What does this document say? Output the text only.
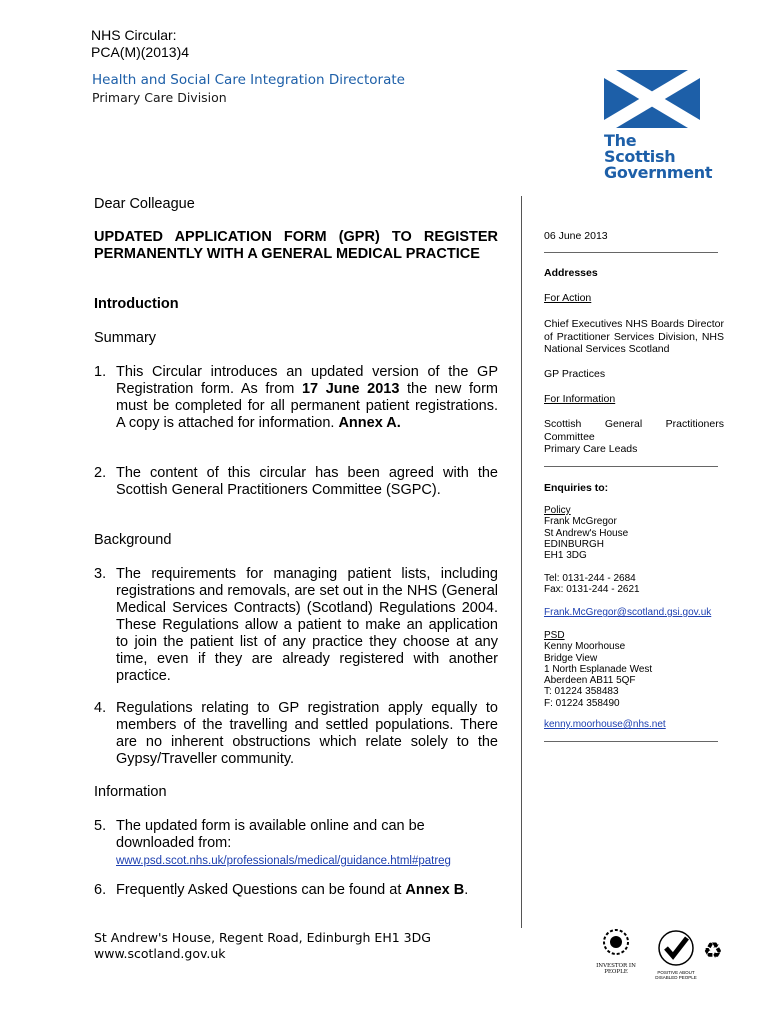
NHS Circular:
PCA(M)(2013)4
Health and Social Care Integration Directorate
Primary Care Division
The Scottish
Government
Dear Colleague
UPDATED APPLICATION FORM (GPR) TO REGISTER PERMANENTLY WITH A GENERAL MEDICAL PRACTICE
Introduction
Summary
1. This Circular introduces an updated version of the GP Registration form. As from 17 June 2013 the new form must be completed for all permanent patient registrations. A copy is attached for information. Annex A.
2. The content of this circular has been agreed with the Scottish General Practitioners Committee (SGPC).
Background
3. The requirements for managing patient lists, including registrations and removals, are set out in the NHS (General Medical Services Contracts) (Scotland) Regulations 2004. These Regulations allow a patient to make an application to join the patient list of any practice they choose at any time, even if they are already registered with another practice.
4. Regulations relating to GP registration apply equally to members of the travelling and settled populations. There are no inherent obstructions which relate solely to the Gypsy/Traveller community.
Information
5. The updated form is available online and can be downloaded from:
www.psd.scot.nhs.uk/professionals/medical/guidance.html#patreg
6. Frequently Asked Questions can be found at Annex B.
06 June 2013
Addresses
For Action
Chief Executives NHS Boards Director of Practitioner Services Division, NHS National Services Scotland
GP Practices
For Information
Scottish General Practitioners Committee
Primary Care Leads
Enquiries to:
Policy
Frank McGregor
St Andrew's House
EDINBURGH
EH1 3DG
Tel: 0131-244 - 2684
Fax: 0131-244 - 2621
Frank.McGregor@scotland.gsi.gov.uk
PSD
Kenny Moorhouse
Bridge View
1 North Esplanade West
Aberdeen AB11 5QF
T: 01224 358483
F: 01224 358490
kenny.moorhouse@nhs.net
St Andrew's House, Regent Road, Edinburgh EH1 3DG
www.scotland.gov.uk
INVESTOR IN PEOPLE	POSITIVE ABOUT DISABLED PEOPLE
♻
